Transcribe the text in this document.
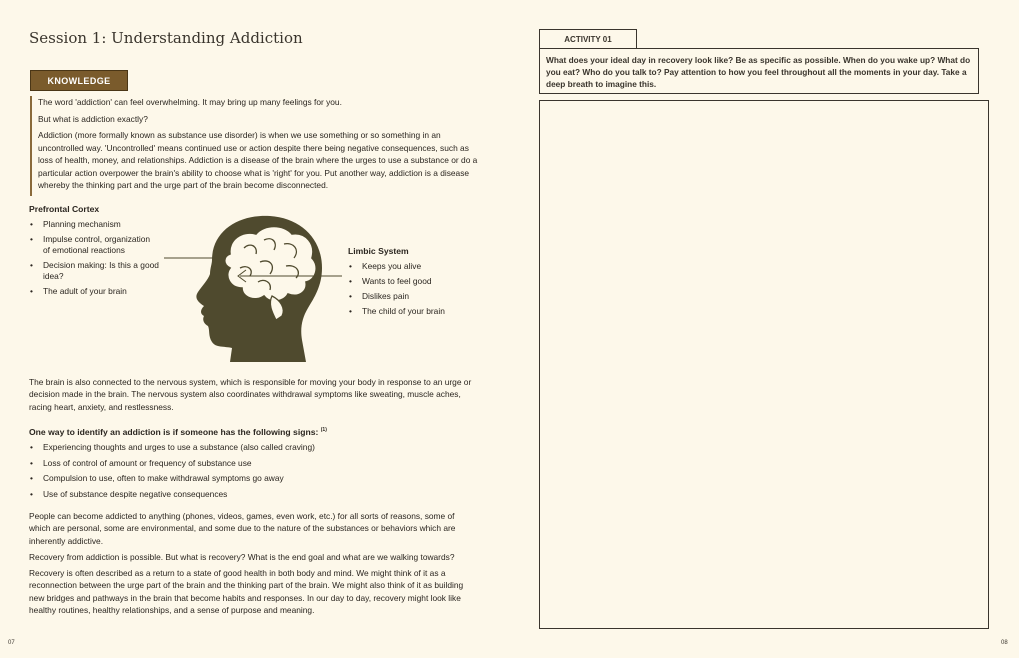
Session 1: Understanding Addiction
KNOWLEDGE

The word 'addiction' can feel overwhelming. It may bring up many feelings for you.

But what is addiction exactly?

Addiction (more formally known as substance use disorder) is when we use something or so something in an uncontrolled way. 'Uncontrolled' means continued use or action despite there being negative consequences, such as loss of health, money, and relationships. Addiction is a disease of the brain where the urges to use a substance or do a particular action overpower the brain's ability to choose what is 'right' for you. Put another way, addiction is a disease whereby the thinking part and the urge part of the brain become disconnected.

Prefrontal Cortex
• Planning mechanism
• Impulse control, organization of emotional reactions
• Decision making: Is this a good idea?
• The adult of your brain
Limbic System
• Keeps you alive
• Wants to feel good
• Dislikes pain
• The child of your brain

The brain is also connected to the nervous system, which is responsible for moving your body in response to an urge or decision made in the brain. The nervous system also coordinates withdrawal symptoms like sweating, muscle aches, racing heart, anxiety, and restlessness.

One way to identify an addiction is if someone has the following signs: $^{(1)}$
• Experiencing thoughts and urges to use a substance (also called craving)
• Loss of control of amount or frequency of substance use
• Compulsion to use, often to make withdrawal symptoms go away
• Use of substance despite negative consequences

People can become addicted to anything (phones, videos, games, even work, etc.) for all sorts of reasons, some of which are personal, some are environmental, and some due to the nature of the substances or behaviors which are inherently addictive.

Recovery from addiction is possible. But what is recovery? What is the end goal and what are we walking towards?

Recovery is often described as a return to a state of good health in both body and mind. We might think of it as a reconnection between the urge part of the brain and the thinking part of the brain. We might also think of it as building new bridges and pathways in the brain that become habits and responses. In our day to day, recovery might look like healthy routines, healthy relationships, and a sense of purpose and meaning.

07
ACTIVITY 01
What does your ideal day in recovery look like? Be as specific as possible. When do you wake up? What do you eat? Who do you talk to? Pay attention to how you feel throughout all the moments in your day. Take a deep breath to imagine this.
08
